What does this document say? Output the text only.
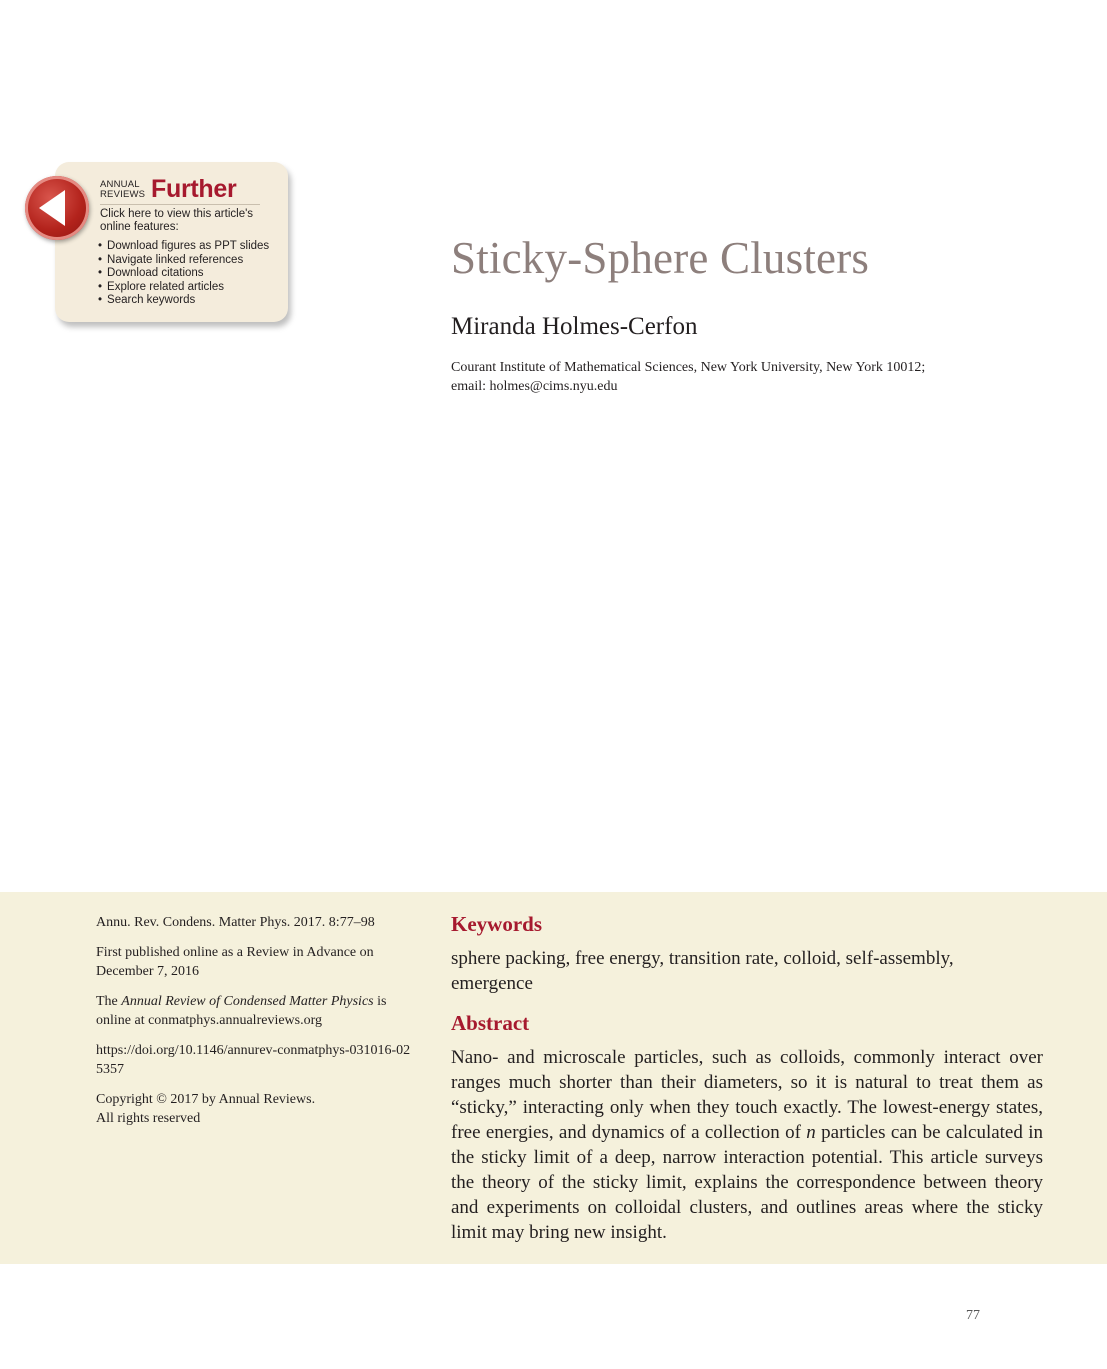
ANNUAL
REVIEWS Further
Click here to view this article's online features:
• Download figures as PPT slides
• Navigate linked references
• Download citations
• Explore related articles
• Search keywords
Sticky-Sphere Clusters
Miranda Holmes-Cerfon
Courant Institute of Mathematical Sciences, New York University, New York 10012;
email: holmes@cims.nyu.edu

Annu. Rev. Condens. Matter Phys. 2017. 8:77–98

First published online as a Review in Advance on December 7, 2016

The Annual Review of Condensed Matter Physics is online at conmatphys.annualreviews.org

https://doi.org/10.1146/annurev-conmatphys-031016-025357

Copyright © 2017 by Annual Reviews.
All rights reserved

Keywords
sphere packing, free energy, transition rate, colloid, self-assembly, emergence
Abstract
Nano- and microscale particles, such as colloids, commonly interact over ranges much shorter than their diameters, so it is natural to treat them as “sticky,” interacting only when they touch exactly. The lowest-energy states, free energies, and dynamics of a collection of n particles can be calculated in the sticky limit of a deep, narrow interaction potential. This article surveys the theory of the sticky limit, explains the correspondence between theory and experiments on colloidal clusters, and outlines areas where the sticky limit may bring new insight.
77
